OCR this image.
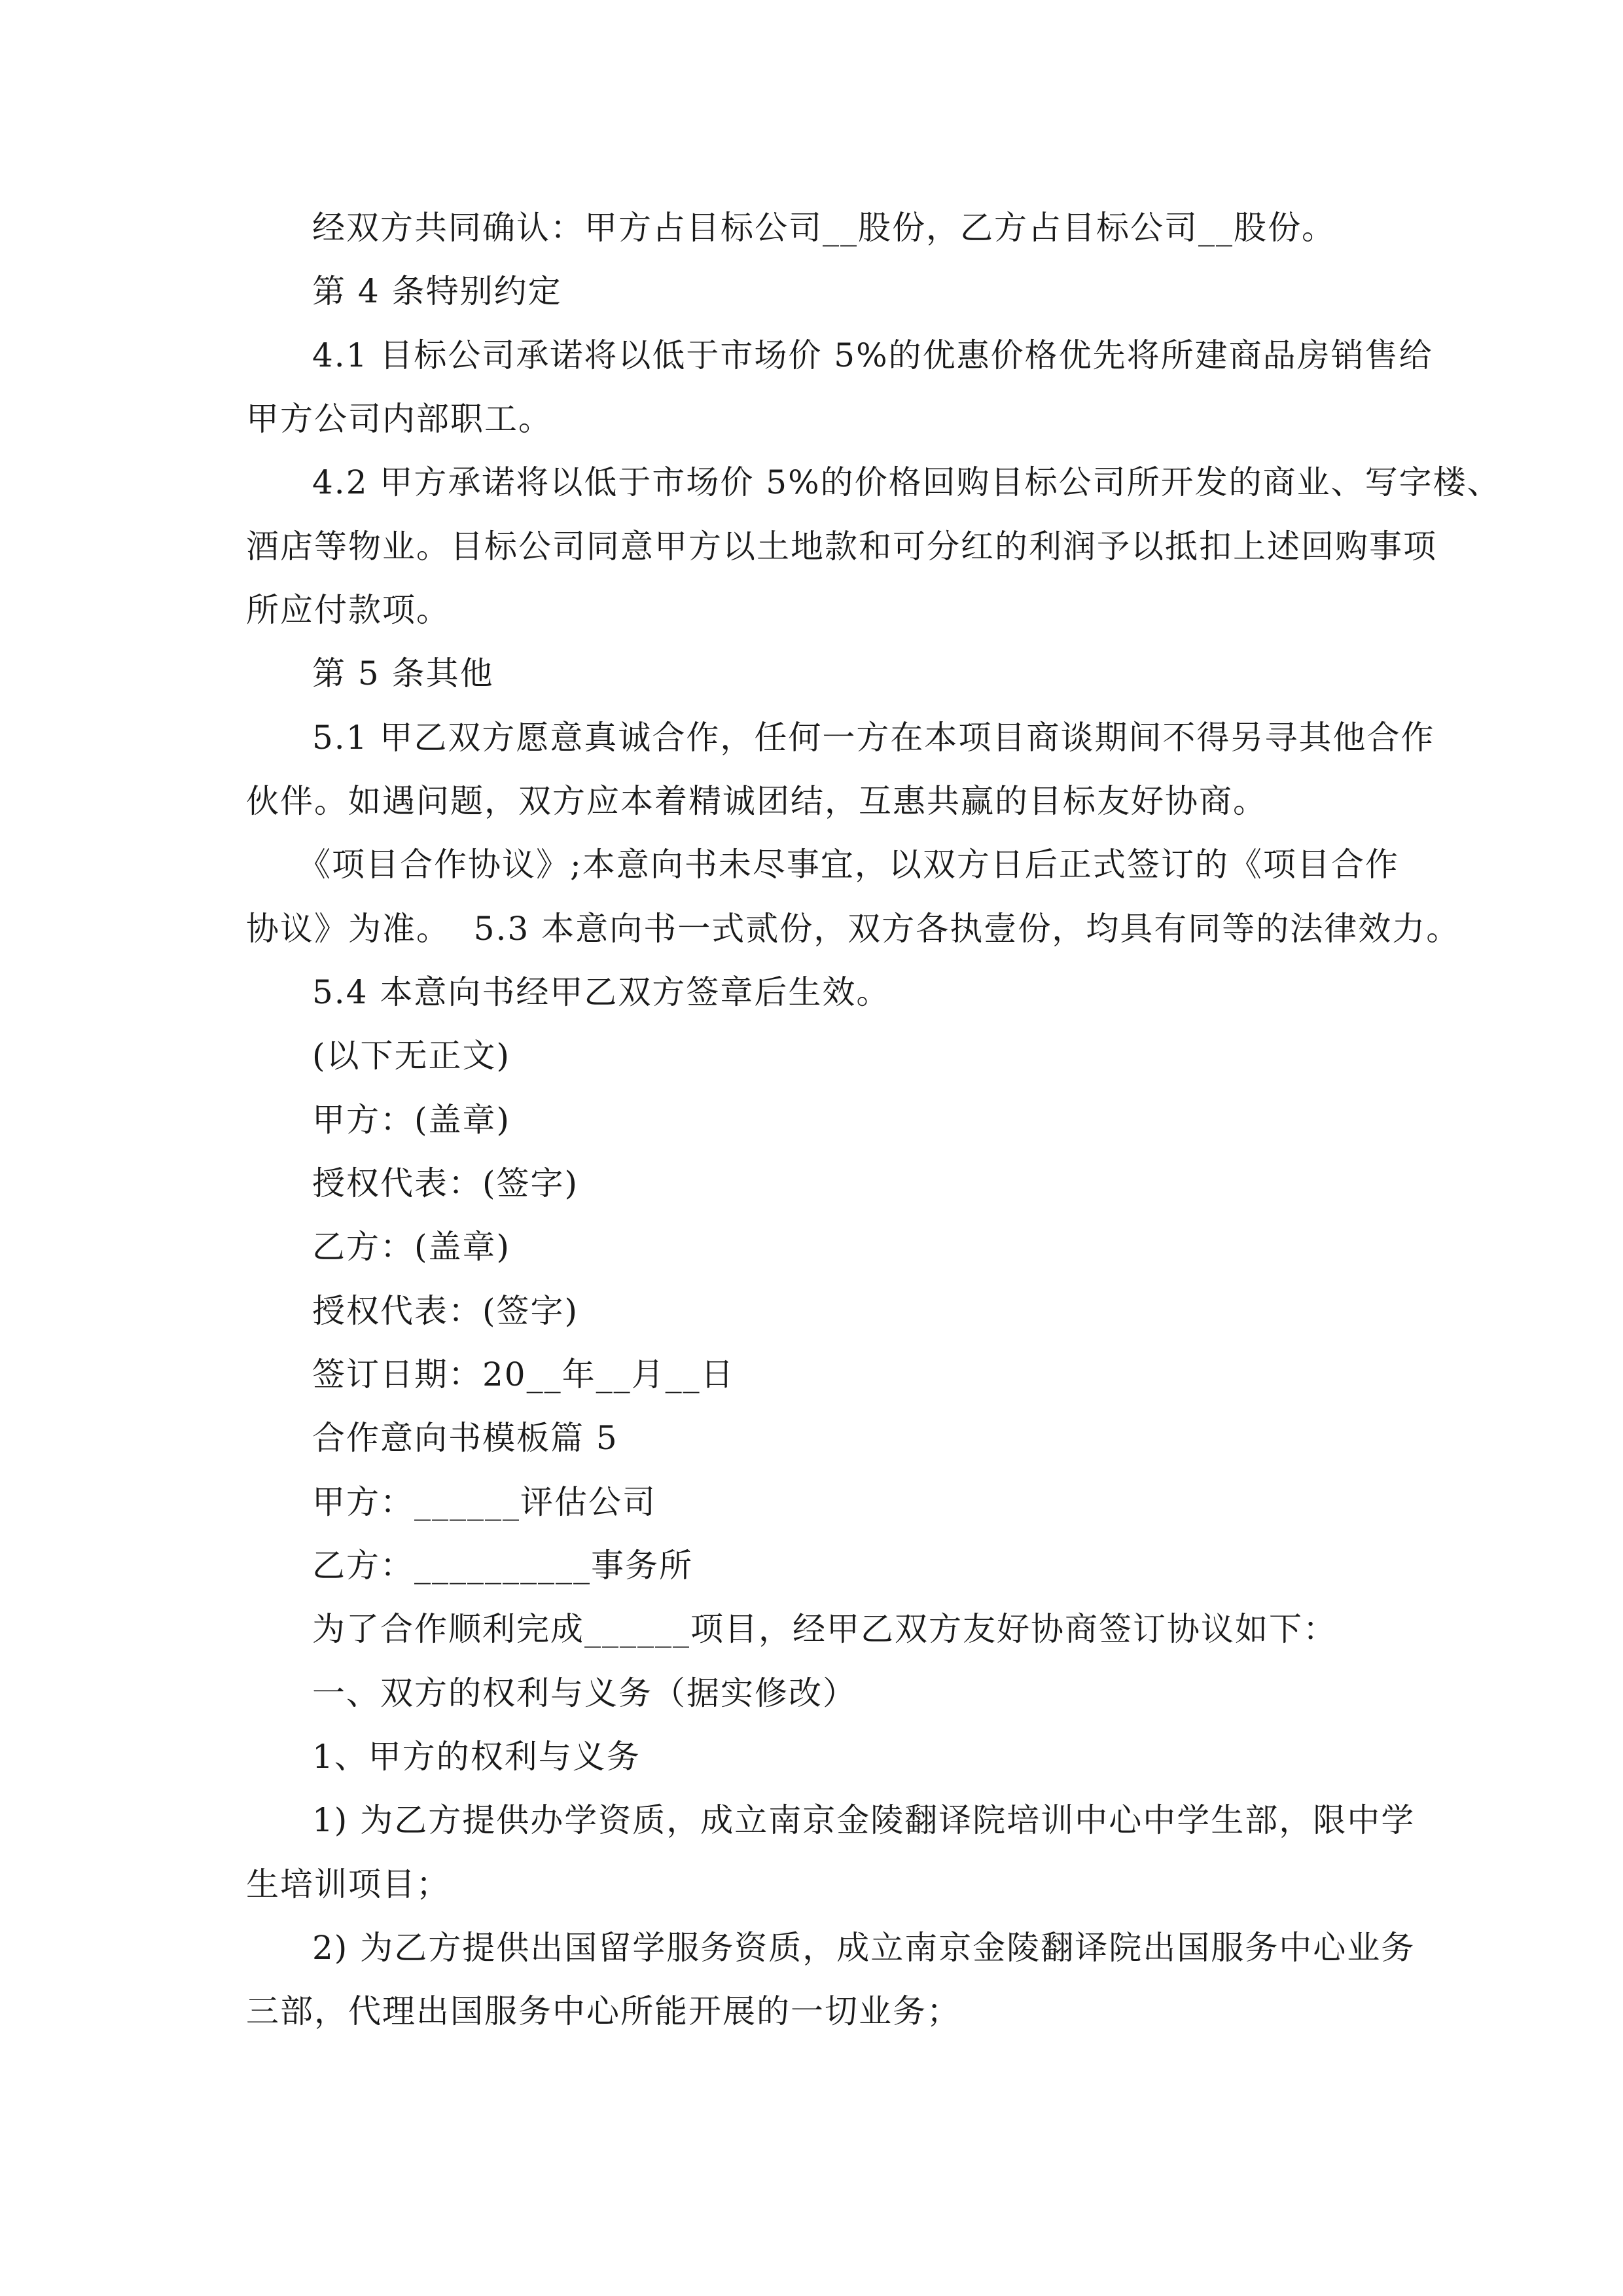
经双方共同确认：甲方占目标公司__股份，乙方占目标公司__股份。
第 4 条特别约定
4.1 目标公司承诺将以低于市场价 5%的优惠价格优先将所建商品房销售给
甲方公司内部职工。
4.2 甲方承诺将以低于市场价 5%的价格回购目标公司所开发的商业、写字楼、
酒店等物业。目标公司同意甲方以土地款和可分红的利润予以抵扣上述回购事项
所应付款项。
第 5 条其他
5.1 甲乙双方愿意真诚合作，任何一方在本项目商谈期间不得另寻其他合作
伙伴。如遇问题，双方应本着精诚团结，互惠共赢的目标友好协商。
《项目合作协议》;本意向书未尽事宜，以双方日后正式签订的《项目合作
协议》为准。  5.3 本意向书一式贰份，双方各执壹份，均具有同等的法律效力。
5.4 本意向书经甲乙双方签章后生效。
(以下无正文)
甲方：(盖章)
授权代表：(签字)
乙方：(盖章)
授权代表：(签字)
签订日期：20__年__月__日
合作意向书模板篇 5
甲方：______评估公司
乙方：__________事务所
为了合作顺利完成______项目，经甲乙双方友好协商签订协议如下：
一、双方的权利与义务（据实修改）
1、甲方的权利与义务
1) 为乙方提供办学资质，成立南京金陵翻译院培训中心中学生部，限中学
生培训项目；
2) 为乙方提供出国留学服务资质，成立南京金陵翻译院出国服务中心业务
三部，代理出国服务中心所能开展的一切业务；
